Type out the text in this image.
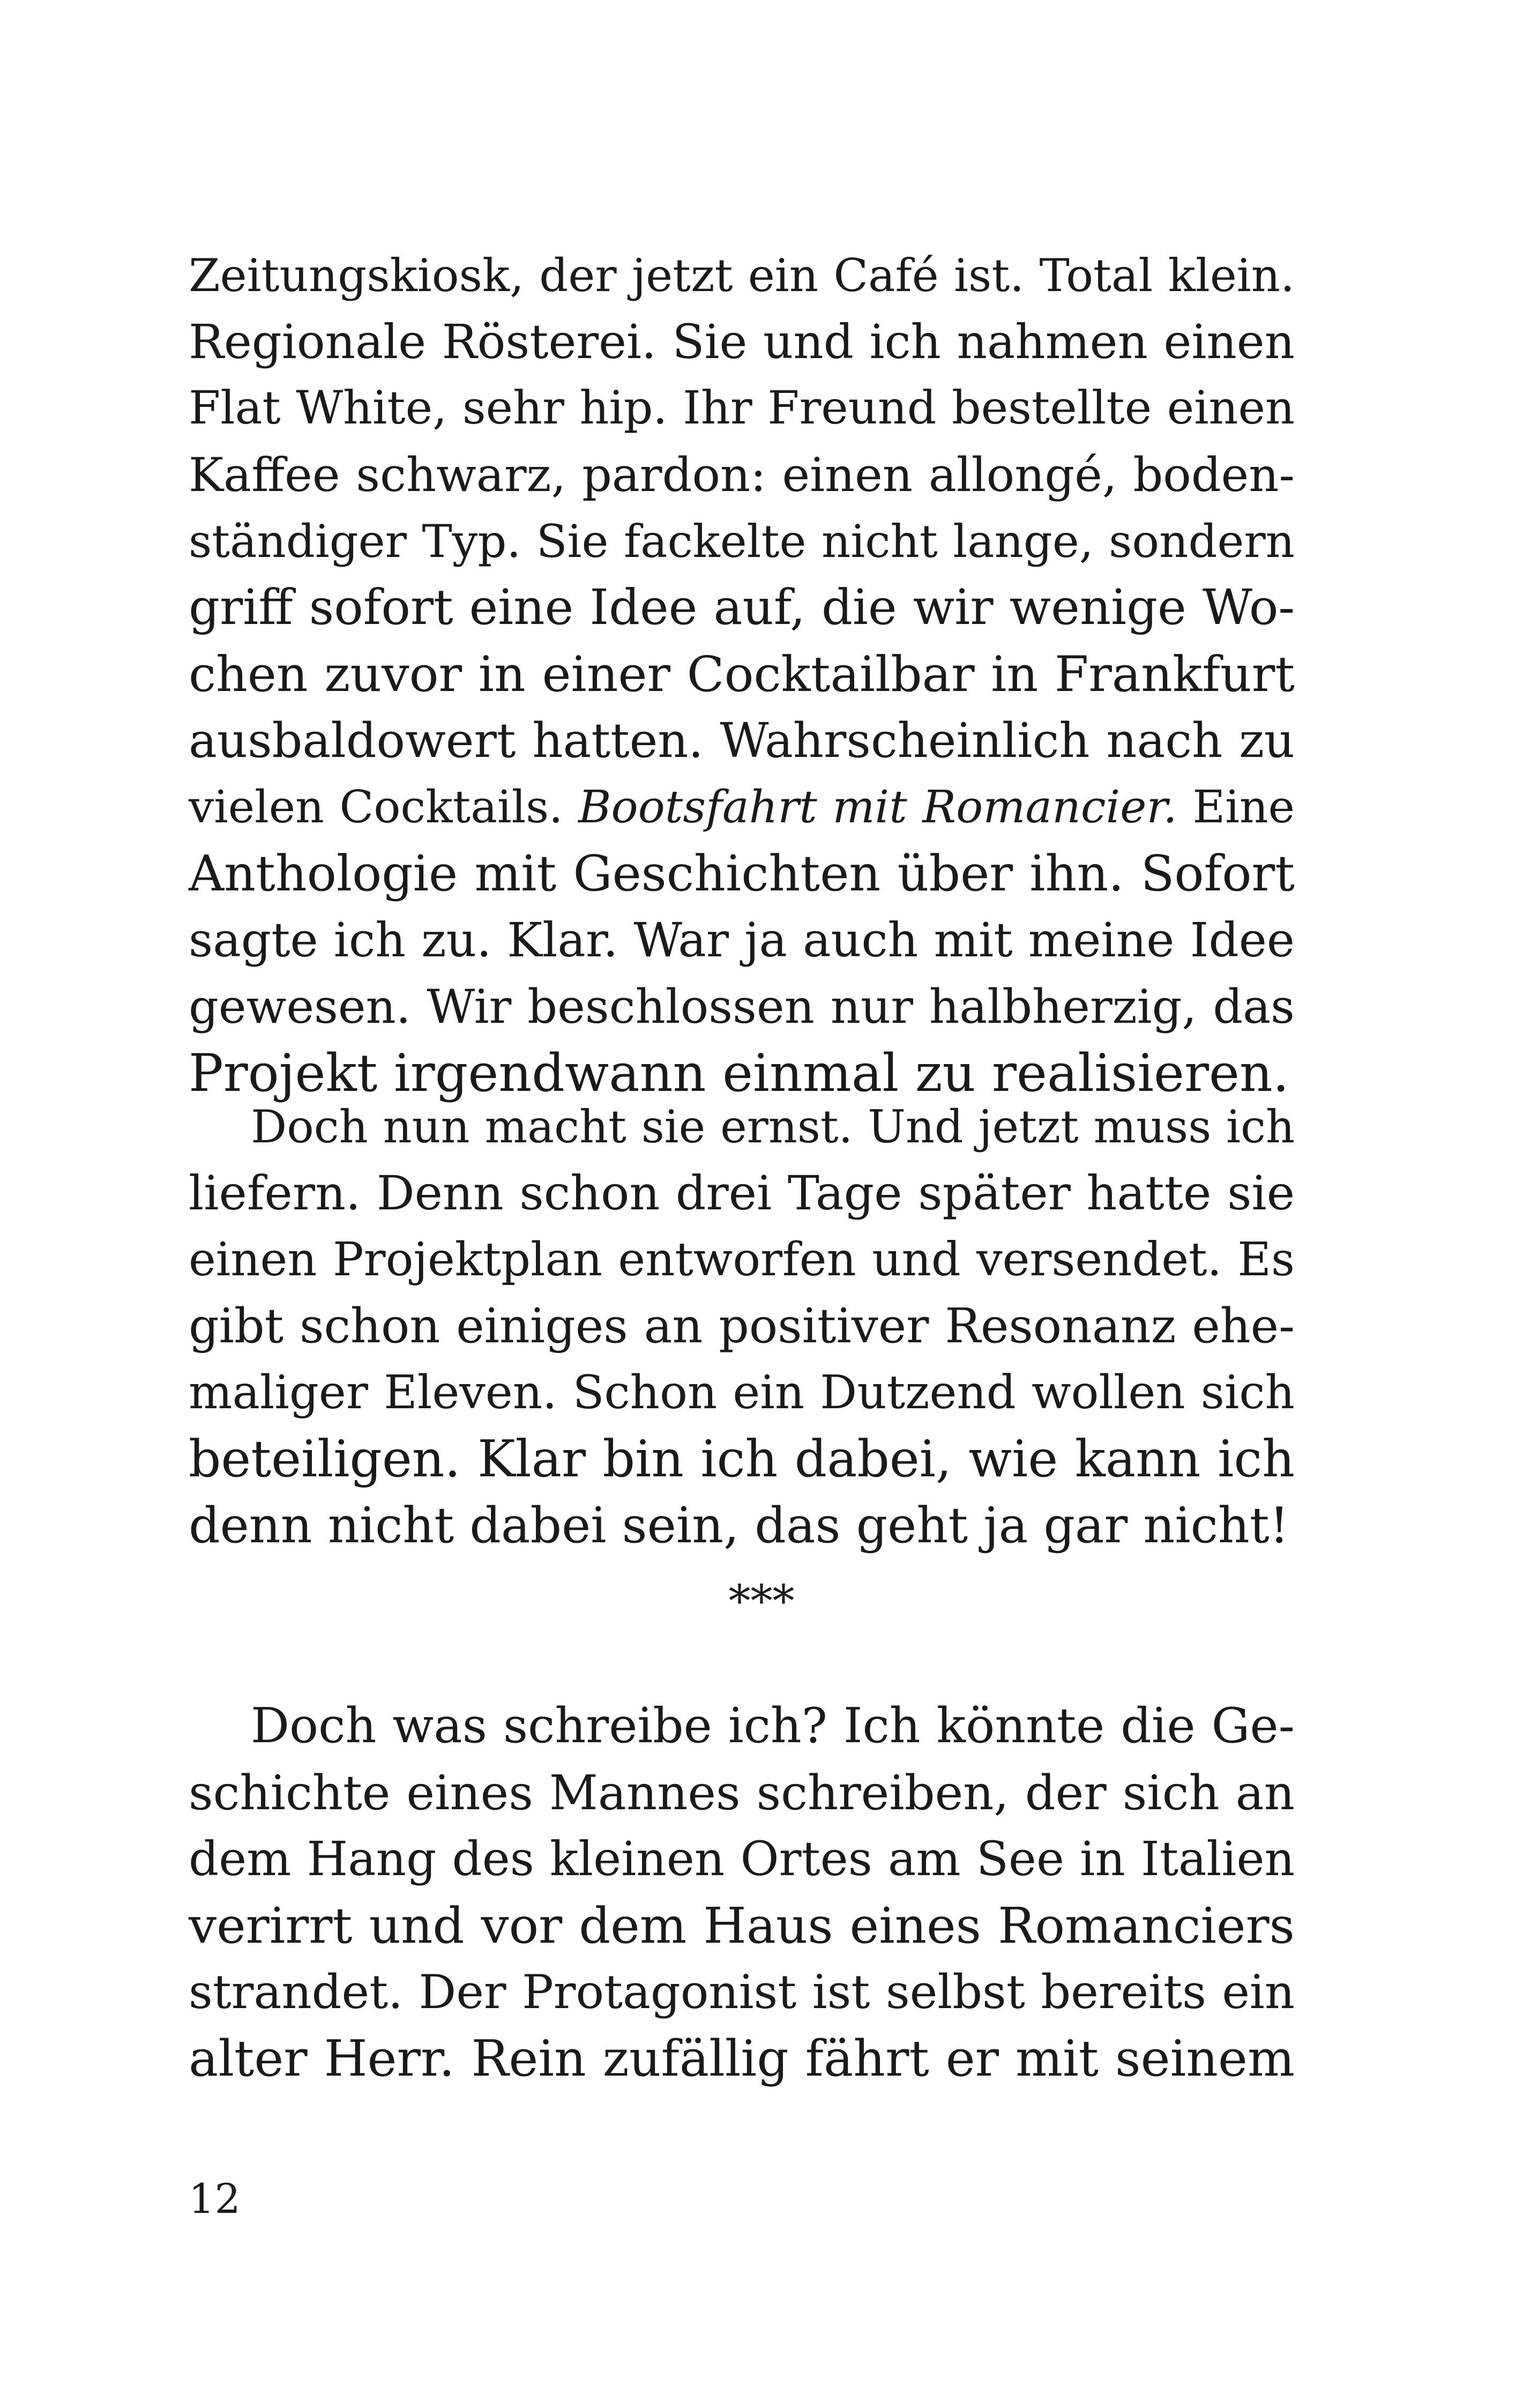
Zeitungskiosk, der jetzt ein Café ist. Total klein.
Regionale Rösterei. Sie und ich nahmen einen
Flat White, sehr hip. Ihr Freund bestellte einen
Kaffee schwarz, pardon: einen allongé, boden-
ständiger Typ. Sie fackelte nicht lange, sondern
griff sofort eine Idee auf, die wir wenige Wo-
chen zuvor in einer Cocktailbar in Frankfurt
ausbaldowert hatten. Wahrscheinlich nach zu
vielen Cocktails. Bootsfahrt mit Romancier. Eine
Anthologie mit Geschichten über ihn. Sofort
sagte ich zu. Klar. War ja auch mit meine Idee
gewesen. Wir beschlossen nur halbherzig, das
Projekt irgendwann einmal zu realisieren.
Doch nun macht sie ernst. Und jetzt muss ich
liefern. Denn schon drei Tage später hatte sie
einen Projektplan entworfen und versendet. Es
gibt schon einiges an positiver Resonanz ehe-
maliger Eleven. Schon ein Dutzend wollen sich
beteiligen. Klar bin ich dabei, wie kann ich
denn nicht dabei sein, das geht ja gar nicht!
***
Doch was schreibe ich? Ich könnte die Ge-
schichte eines Mannes schreiben, der sich an
dem Hang des kleinen Ortes am See in Italien
verirrt und vor dem Haus eines Romanciers
strandet. Der Protagonist ist selbst bereits ein
alter Herr. Rein zufällig fährt er mit seinem
12
